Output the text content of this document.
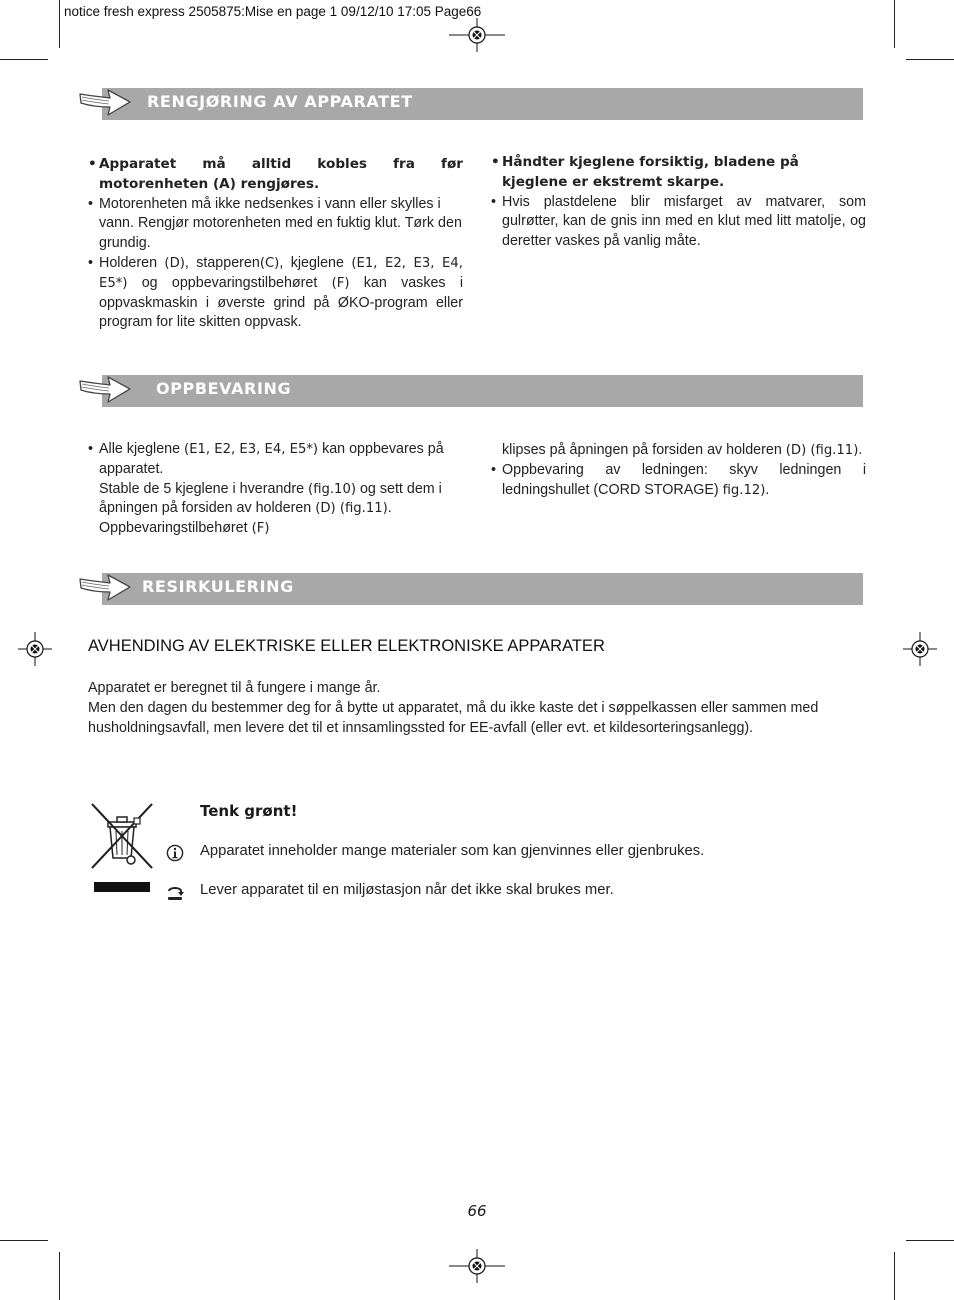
notice fresh express 2505875:Mise en page 1 09/12/10 17:05 Page66
RENGJØRING AV APPARATET

• Apparatet må alltid kobles fra før motorenheten (A) rengjøres.

• Motorenheten må ikke nedsenkes i vann eller skylles i vann. Rengjør motorenheten med en fuktig klut. Tørk den grundig.

• Holderen (D), stapperen(C), kjeglene (E1, E2, E3, E4, E5*) og oppbevaringstilbehøret (F) kan vaskes i oppvaskmaskin i øverste grind på ØKO-program eller program for lite skitten oppvask.

• Håndter kjeglene forsiktig, bladene på kjeglene er ekstremt skarpe.

• Hvis plastdelene blir misfarget av matvarer, som gulrøtter, kan de gnis inn med en klut med litt matolje, og deretter vaskes på vanlig måte.

OPPBEVARING

• Alle kjeglene (E1, E2, E3, E4, E5*) kan oppbevares på apparatet.
Stable de 5 kjeglene i hverandre (fig.10) og sett dem i åpningen på forsiden av holderen (D) (fig.11). Oppbevaringstilbehøret (F)

klipses på åpningen på forsiden av holderen (D) (fig.11).

• Oppbevaring av ledningen: skyv ledningen i ledningshullet (CORD STORAGE) fig.12).

RESIRKULERING
AVHENDING AV ELEKTRISKE ELLER ELEKTRONISKE APPARATER
Apparatet er beregnet til å fungere i mange år.
Men den dagen du bestemmer deg for å bytte ut apparatet, må du ikke kaste det i søppelkassen eller sammen med husholdningsavfall, men levere det til et innsamlingssted for EE-avfall (eller evt. et kildesorteringsanlegg).
Tenk grønt!
Apparatet inneholder mange materialer som kan gjenvinnes eller gjenbrukes.
Lever apparatet til en miljøstasjon når det ikke skal brukes mer.
66
